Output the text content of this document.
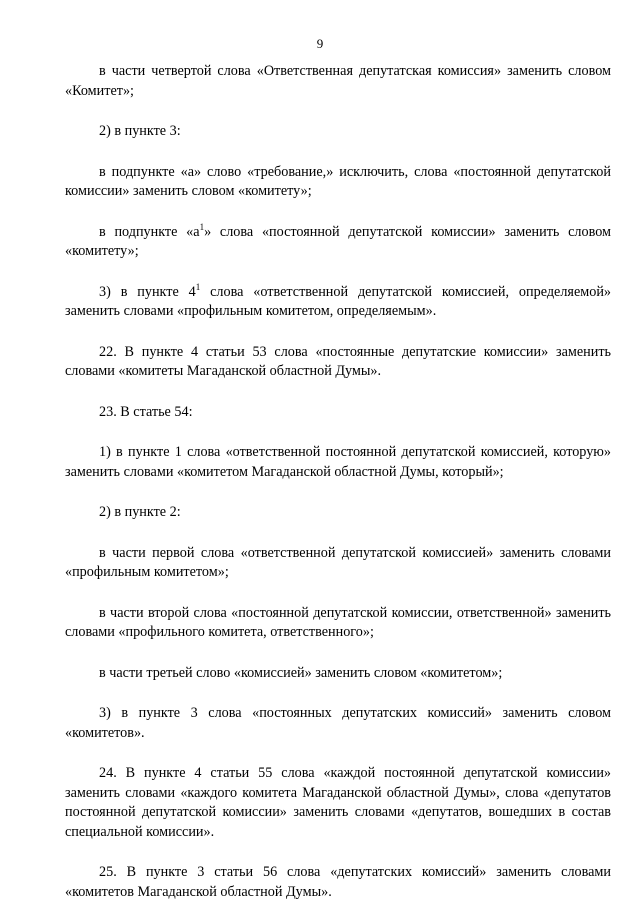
9

в части четвертой слова «Ответственная депутатская комиссия» заменить словом «Комитет»;

2) в пункте 3:

в подпункте «а» слово «требование,» исключить, слова «постоянной депутатской комиссии» заменить словом «комитету»;

в подпункте «$а^1$» слова «постоянной депутатской комиссии» заменить словом «комитету»;

3) в пункте $4^1$ слова «ответственной депутатской комиссией, определяемой» заменить словами «профильным комитетом, определяемым».

22. В пункте 4 статьи 53 слова «постоянные депутатские комиссии» заменить словами «комитеты Магаданской областной Думы».

23. В статье 54:

1) в пункте 1 слова «ответственной постоянной депутатской комиссией, которую» заменить словами «комитетом Магаданской областной Думы, который»;

2) в пункте 2:

в части первой слова «ответственной депутатской комиссией» заменить словами «профильным комитетом»;

в части второй слова «постоянной депутатской комиссии, ответственной» заменить словами «профильного комитета, ответственного»;

в части третьей слово «комиссией» заменить словом «комитетом»;

3) в пункте 3 слова «постоянных депутатских комиссий» заменить словом «комитетов».

24. В пункте 4 статьи 55 слова «каждой постоянной депутатской комиссии» заменить словами «каждого комитета Магаданской областной Думы», слова «депутатов постоянной депутатской комиссии» заменить словами «депутатов, вошедших в состав специальной комиссии».

25. В пункте 3 статьи 56 слова «депутатских комиссий» заменить словами «комитетов Магаданской областной Думы».
